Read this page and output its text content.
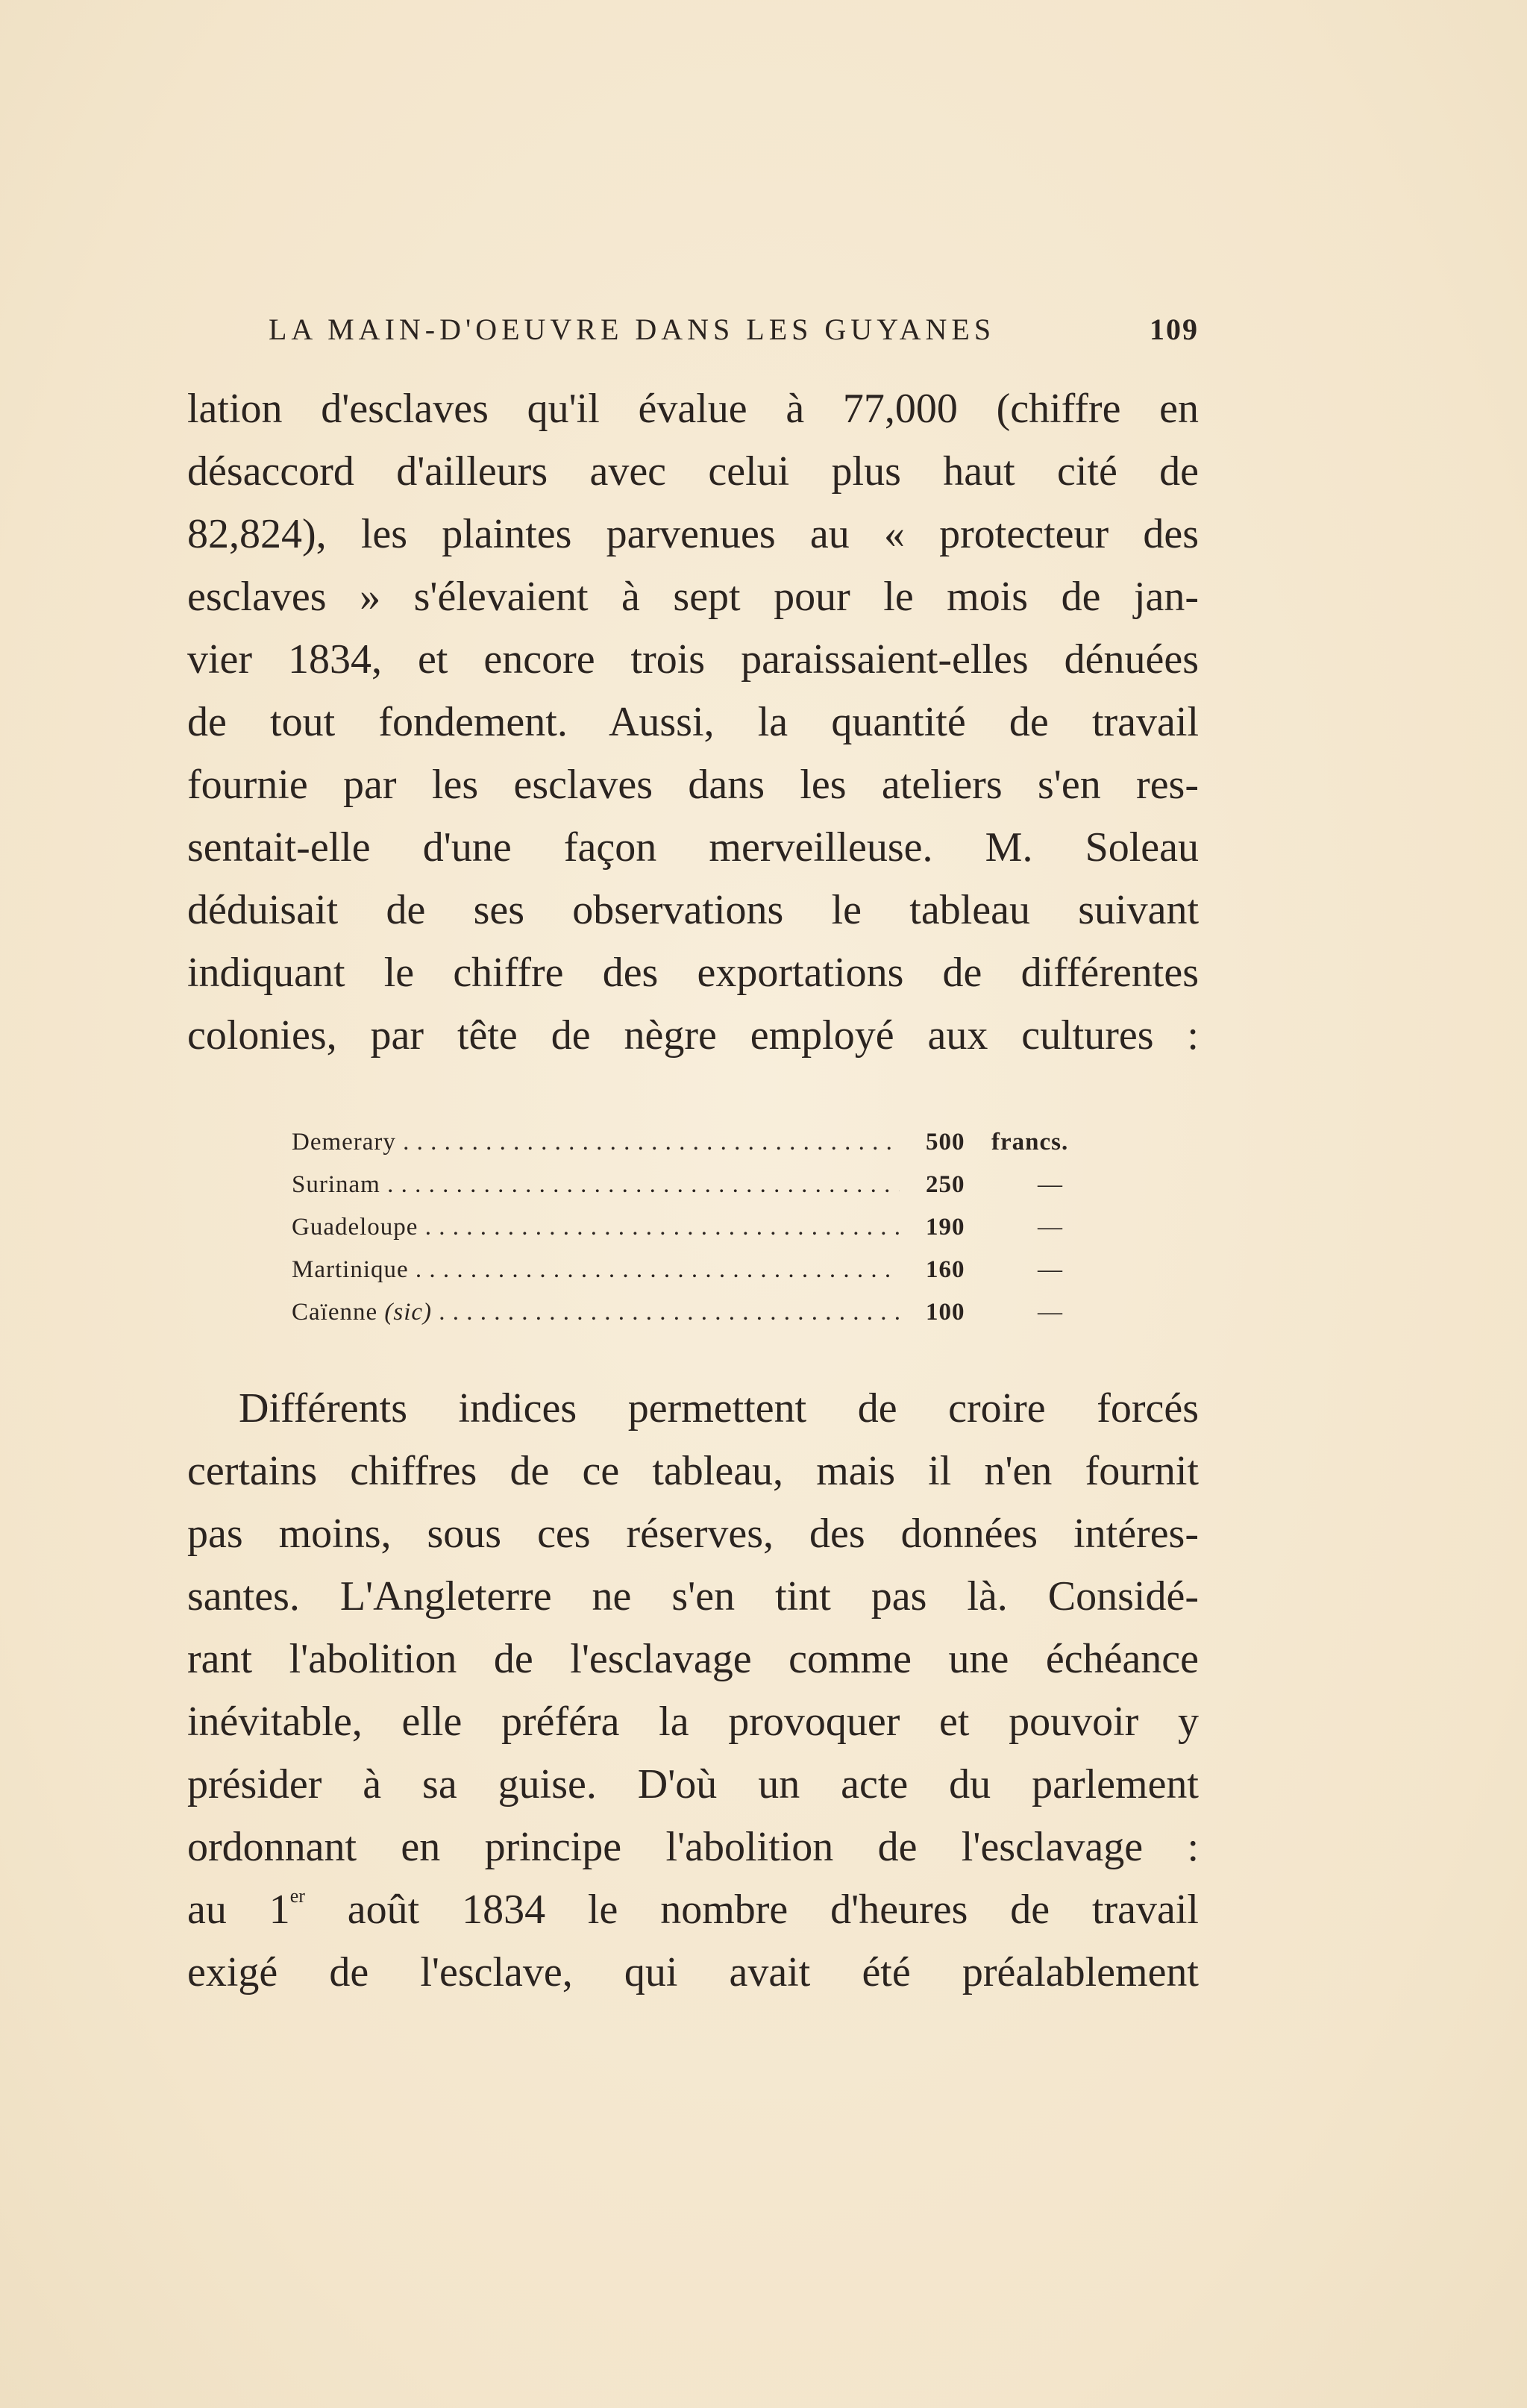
LA MAIN-D'OEUVRE DANS LES GUYANES	109
lation d'esclaves qu'il évalue à 77,000 (chiffre en
désaccord d'ailleurs avec celui plus haut cité de
82,824), les plaintes parvenues au « protecteur des
esclaves » s'élevaient à sept pour le mois de jan-
vier 1834, et encore trois paraissaient-elles dénuées
de tout fondement. Aussi, la quantité de travail
fournie par les esclaves dans les ateliers s'en res-
sentait-elle d'une façon merveilleuse. M. Soleau
déduisait de ses observations le tableau suivant
indiquant le chiffre des exportations de différentes
colonies, par tête de nègre employé aux cultures :
Demerary . . .	500 francs.
Surinam . . .	250	—
Guadeloupe . . .	190	—
Martinique . . .	160	—
Caïenne (sic) . . .	100	—
Différents indices permettent de croire forcés
certains chiffres de ce tableau, mais il n'en fournit
pas moins, sous ces réserves, des données intéres-
santes. L'Angleterre ne s'en tint pas là. Considé-
rant l'abolition de l'esclavage comme une échéance
inévitable, elle préféra la provoquer et pouvoir y
présider à sa guise. D'où un acte du parlement
ordonnant en principe l'abolition de l'esclavage :
au 1er août 1834 le nombre d'heures de travail
exigé de l'esclave, qui avait été préalablement
